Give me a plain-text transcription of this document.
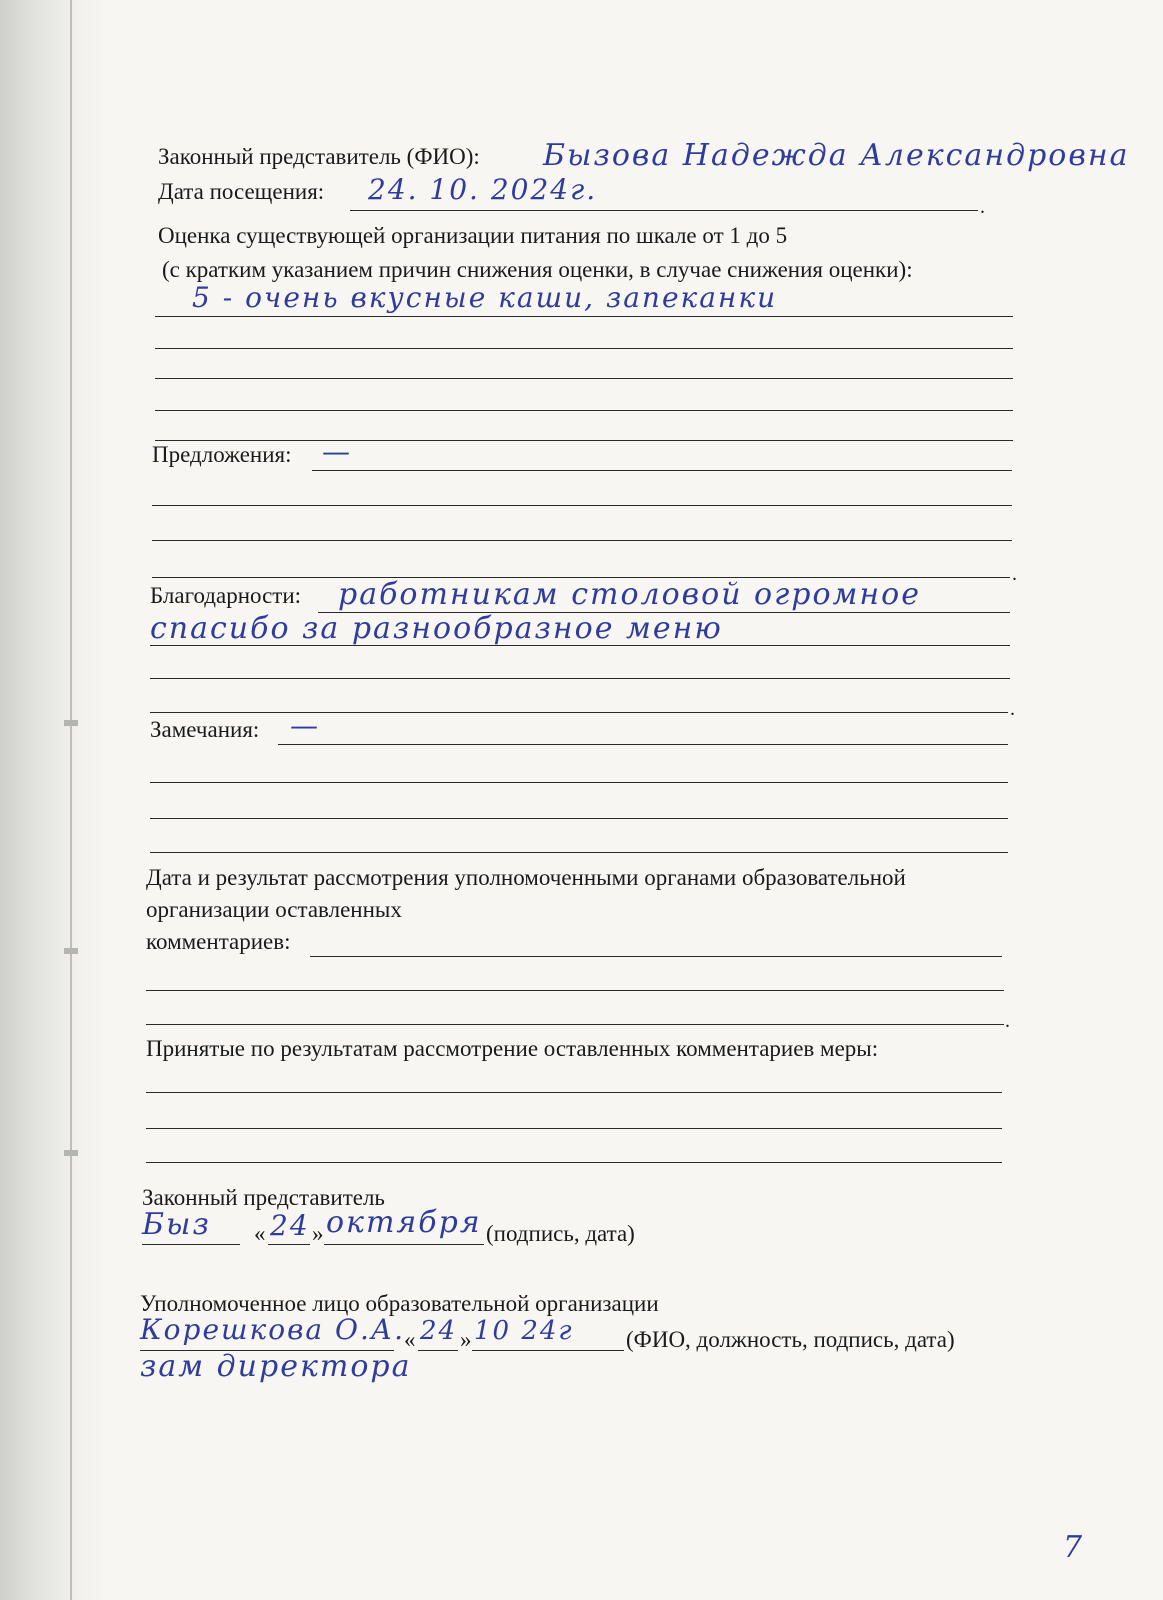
Законный представитель (ФИО): Бызова Надежда Александровна
Дата посещения: 24. 10. 2024г.
.
Оценка существующей организации питания по шкале от 1 до 5
(с кратким указанием причин снижения оценки, в случае снижения оценки):
5 - очень вкусные каши, запеканки
Предложения: —
.
Благодарности: работникам столовой огромное
спасибо за разнообразное меню
.
Замечания: —
Дата и результат рассмотрения уполномоченными органами образовательной
организации оставленных
комментариев:
.
Принятые по результатам рассмотрение оставленных комментариев меры:
Законный представитель
Быз « 24 » октября (подпись, дата)
Уполномоченное лицо образовательной организации
Корешкова О.А. « 24 » 10 24г (ФИО, должность, подпись, дата)
зам директора
7
